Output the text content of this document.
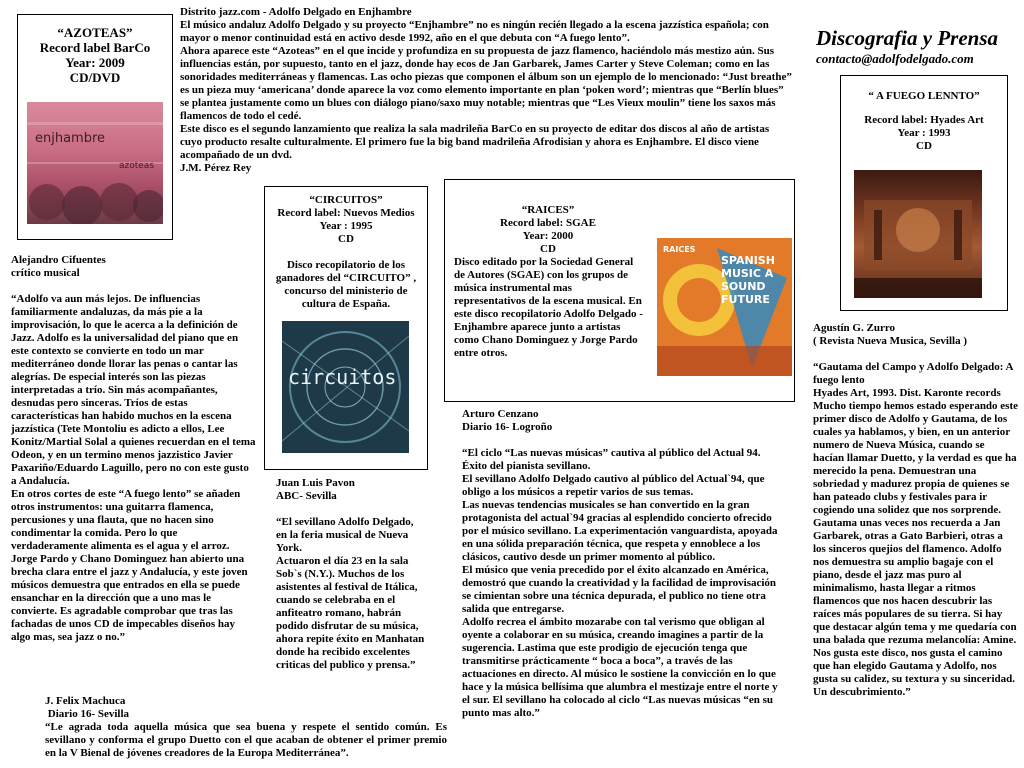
“AZOTEAS”
Record label BarCo
Year: 2009
CD/DVD
enjhambre
azoteas
Distrito jazz.com - Adolfo Delgado en Enjhambre
El músico andaluz Adolfo Delgado y su proyecto “Enjhambre” no es ningún recién llegado a la escena jazzística española; con mayor o menor continuidad está en activo desde 1992, año en el que debuta con “A fuego lento”.
Ahora aparece este “Azoteas” en el que incide y profundiza en su propuesta de jazz flamenco, haciéndolo más mestizo aún. Sus influencias están, por supuesto, tanto en el jazz, donde hay ecos de Jan Garbarek, James Carter y Steve Coleman; como en las sonoridades mediterráneas y flamencas. Las ocho piezas que componen el álbum son un ejemplo de lo mencionado: “Just breathe” es un pieza muy ‘americana’ donde aparece la voz como elemento importante en plan ‘poken word’; mientras que “Berlín blues” se plantea justamente como un blues con diálogo piano/saxo muy notable; mientras que “Les Vieux moulin” tiene los saxos más flamencos de todo el cedé.
Este disco es el segundo lanzamiento que realiza la sala madrileña BarCo en su proyecto de editar dos discos al año de artistas cuyo producto resalte culturalmente. El primero fue la big band madrileña Afrodisian y ahora es Enjhambre. El disco viene acompañado de un dvd.
J.M. Pérez Rey
Discografia y Prensa
contacto@adolfodelgado.com
“ A FUEGO LENNTO”
Record label: Hyades Art
Year : 1993
CD
“CIRCUITOS”
Record label: Nuevos Medios
Year : 1995
CD
Disco recopilatorio de los ganadores del “CIRCUITO” , concurso del ministerio de cultura de España.
circuitos
“RAICES”
Record label: SGAE
Year: 2000
CD
Disco editado por la Sociedad General de Autores (SGAE) con los grupos de música instrumental mas representativos de la escena musical. En este disco recopilatorio Adolfo Delgado - Enjhambre aparece junto a artistas como Chano Dominguez y Jorge Pardo entre otros.
RAICES
SPANISH MUSIC A SOUND FUTURE
Alejandro Cifuentes
crítico musical

“Adolfo va aun más lejos. De influencias familiarmente andaluzas, da más pie a la improvisación, lo que le acerca a la definición de Jazz. Adolfo es la universalidad del piano que en este contexto se convierte en todo un mar mediterráneo donde llorar las penas o cantar las alegrías. De especial interés son las piezas interpretadas a trío. Sin más acompañantes, desnudas pero sinceras. Tríos de estas características han habido muchos en la escena jazzística (Tete Montoliu es adicto a ellos, Lee Konitz/Martial Solal a quienes recuerdan en el tema Odeon, y en un termino menos jazzistico Javier Paxariño/Eduardo Laguillo, pero no con este gusto a Andalucía.
En otros cortes de este “A fuego lento” se añaden otros instrumentos: una guitarra flamenca, percusiones y una flauta, que no hacen sino condimentar la comida. Pero lo que verdaderamente alimenta es el agua y el arroz. Jorge Pardo y Chano Dominguez han abierto una brecha clara entre el jazz y Andalucía, y este joven músicos demuestra que entrados en ella se puede ensanchar en la dirección que a uno mas le convierte. Es agradable comprobar que tras las fachadas de unos CD de impecables diseños hay algo mas, sea jazz o no.”
Juan Luis Pavon
ABC- Sevilla

“El sevillano Adolfo Delgado, en la feria musical de Nueva York.
Actuaron el día 23 en la sala Sob`s (N.Y.). Muchos de los asistentes al festival de Itálica, cuando se celebraba en el anfiteatro romano, habrán podido disfrutar de su música, ahora repite éxito en Manhatan donde ha recibido excelentes criticas del publico y prensa.”
Arturo Cenzano
Diario 16- Logroño

“El ciclo “Las nuevas músicas” cautiva al público del Actual 94. Éxito del pianista sevillano.
El sevillano Adolfo Delgado cautivo al público del Actual`94, que obligo a los músicos a repetir varios de sus temas.
Las nuevas tendencias musicales se han convertido en la gran protagonista del actual`94 gracias al esplendido concierto ofrecido por el músico sevillano. La experimentación vanguardista, apoyada en una sólida preparación técnica, que respeta y ennoblece a los clásicos, cautivo desde un primer momento al público.
El músico que venia precedido por el éxito alcanzado en América, demostró que cuando la creatividad y la facilidad de improvisación se cimientan sobre una técnica depurada, el publico no tiene otra salida que entregarse.
Adolfo recrea el ámbito mozarabe con tal verismo que obligan al oyente a colaborar en su música, creando imagines a partir de la sugerencia. Lastima que este prodigio de ejecución tenga que transmitirse prácticamente “ boca a boca”, a través de las actuaciones en directo. Al músico le sostiene la convicción en lo que hace y la música bellísima que alumbra el mestizaje entre el norte y el sur. El sevillano ha colocado al ciclo “Las nuevas músicas “en su punto mas alto.”
Agustín G. Zurro
( Revista Nueva Musica, Sevilla )

“Gautama del Campo y Adolfo Delgado: A fuego lento
Hyades Art, 1993. Dist. Karonte records Mucho tiempo hemos estado esperando este primer disco de Adolfo y Gautama, de los cuales ya hablamos, y bien, en un anterior numero de Nueva Música, cuando se hacían llamar Duetto, y la verdad es que ha merecido la pena. Demuestran una sobriedad y madurez propia de quienes se han pateado clubs y festivales para ir cogiendo una solidez que nos sorprende.
Gautama unas veces nos recuerda a Jan Garbarek, otras a Gato Barbieri, otras a los sinceros quejios del flamenco. Adolfo nos demuestra su amplio bagaje con el piano, desde el jazz mas puro al minimalismo, hasta llegar a ritmos flamencos que nos hacen descubrir las raíces más populares de su tierra. Si hay que destacar algún tema y me quedaría con una balada que rezuma melancolía: Amine.
Nos gusta este disco, nos gusta el camino que han elegido Gautama y Adolfo, nos gusta su calidez, su textura y su sinceridad. Un descubrimiento.”
J. Felix Machuca
Diario 16- Sevilla
“Le agrada toda aquella música que sea buena y respete el sentido común. Es sevillano y conforma el grupo Duetto con el que acaban de obtener el primer premio en la V Bienal de jóvenes creadores de la Europa Mediterránea”.
